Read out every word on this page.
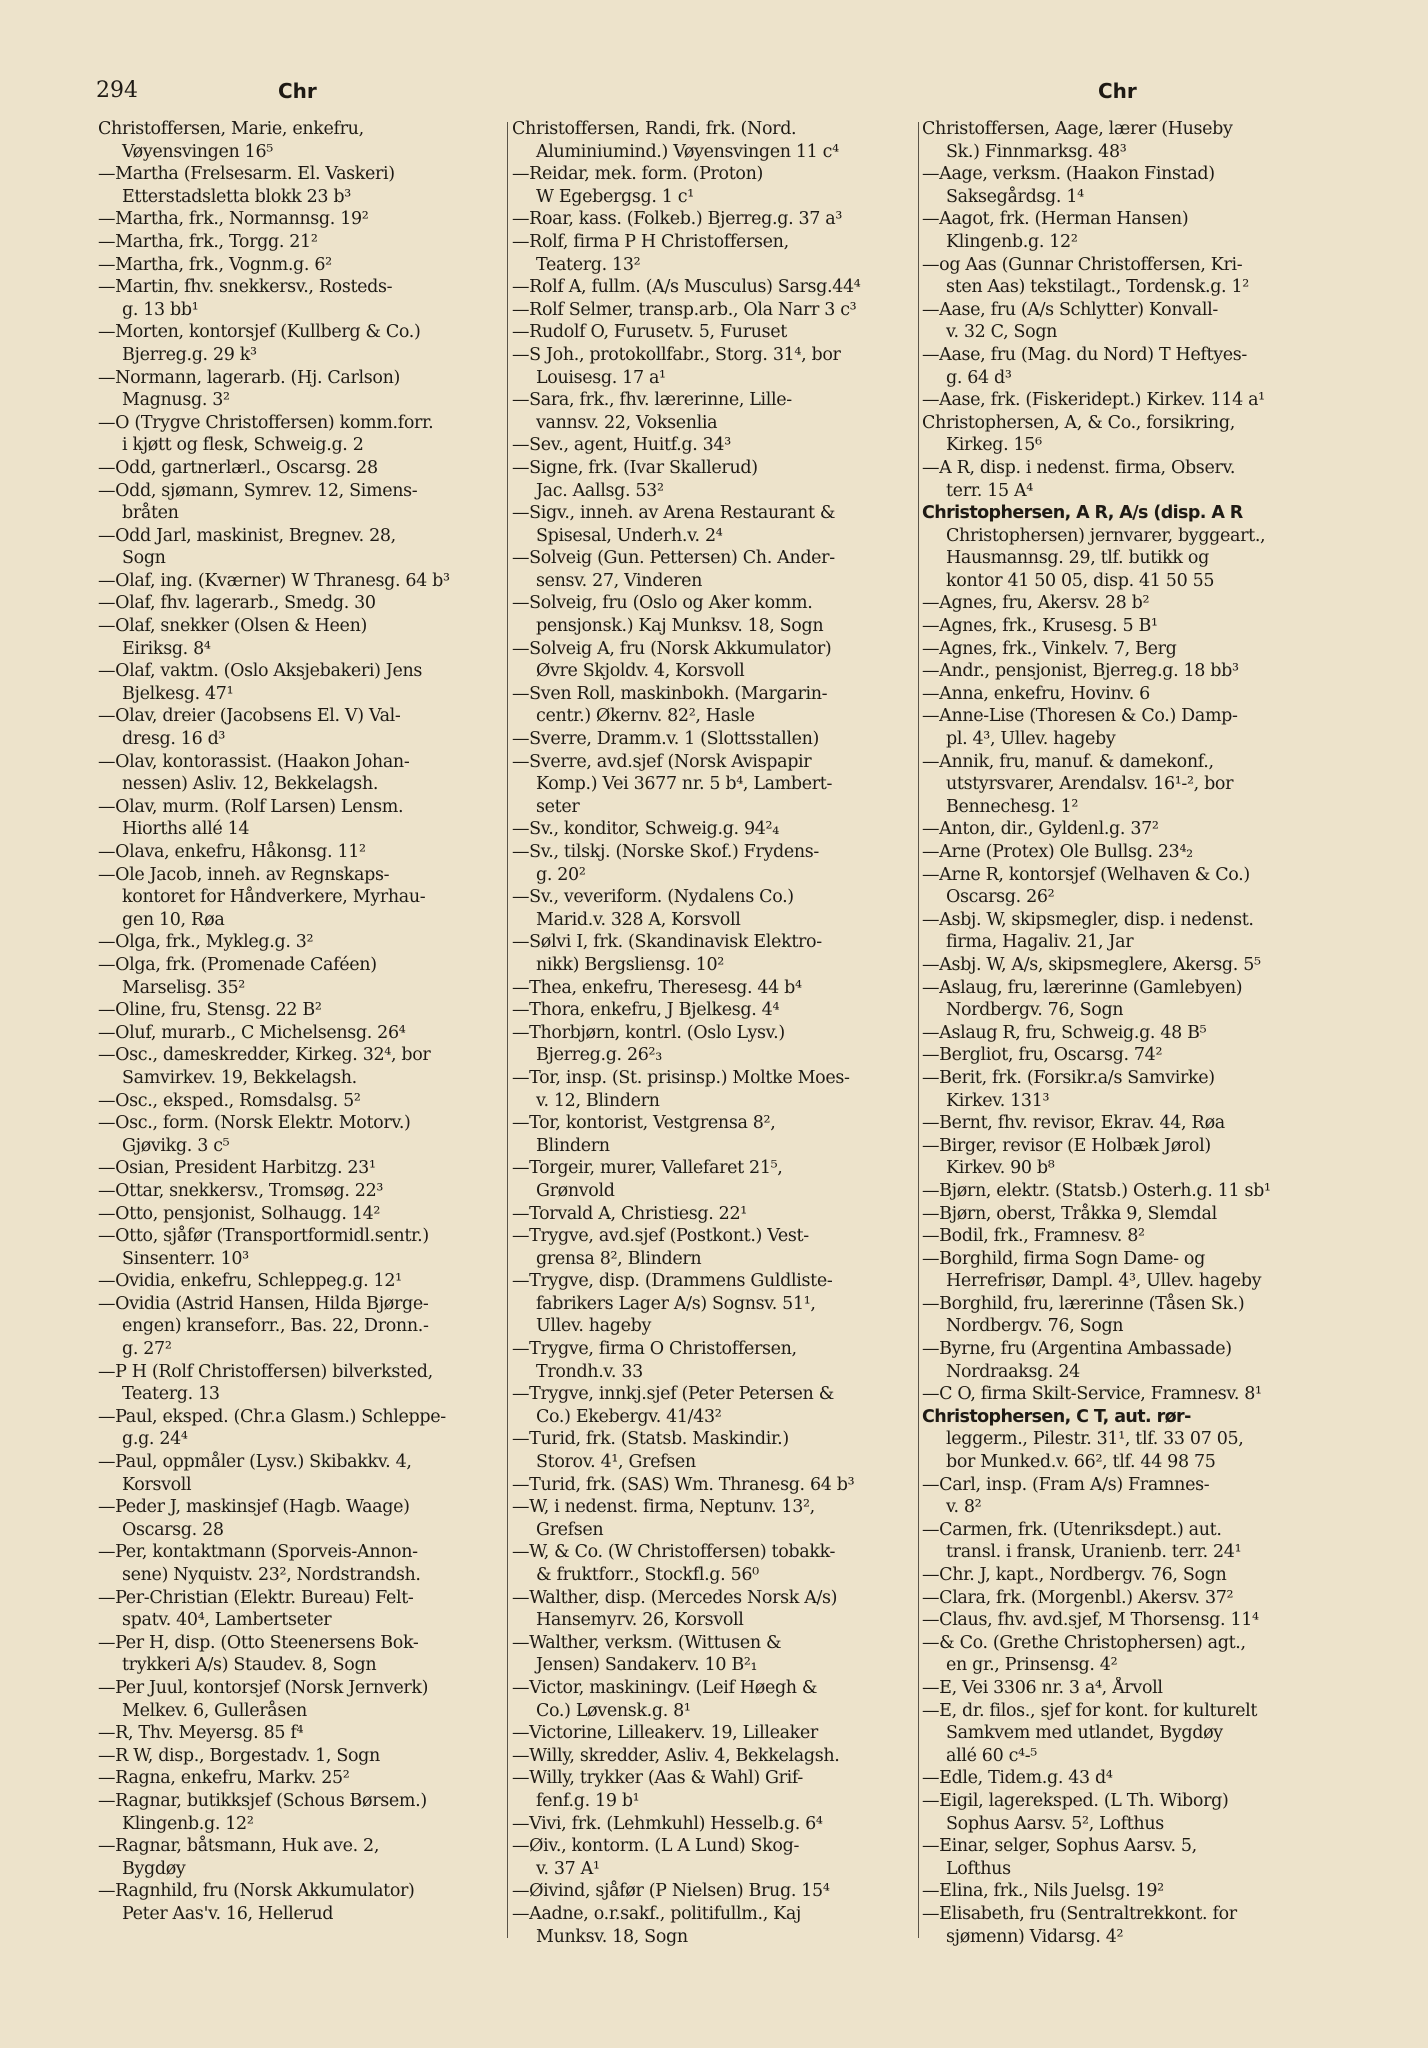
294	Chr	Chr
Christoffersen, Marie, enkefru,
Vøyensvingen 16⁵
—Martha (Frelsesarm. El. Vaskeri)
Etterstadsletta blokk 23 b³
—Martha, frk., Normannsg. 19²
—Martha, frk., Torgg. 21²
—Martha, frk., Vognm.g. 6²
—Martin, fhv. snekkersv., Rosteds-
g. 13 bb¹
—Morten, kontorsjef (Kullberg & Co.)
Bjerreg.g. 29 k³
—Normann, lagerarb. (Hj. Carlson)
Magnusg. 3²
—O (Trygve Christoffersen) komm.forr.
i kjøtt og flesk, Schweig.g. 2
—Odd, gartnerlærl., Oscarsg. 28
—Odd, sjømann, Symrev. 12, Simens-
bråten
—Odd Jarl, maskinist, Bregnev. 28,
Sogn
—Olaf, ing. (Kværner) W Thranesg. 64 b³
—Olaf, fhv. lagerarb., Smedg. 30
—Olaf, snekker (Olsen & Heen)
Eiriksg. 8⁴
—Olaf, vaktm. (Oslo Aksjebakeri) Jens
Bjelkesg. 47¹
—Olav, dreier (Jacobsens El. V) Val-
dresg. 16 d³
—Olav, kontorassist. (Haakon Johan-
nessen) Asliv. 12, Bekkelagsh.
—Olav, murm. (Rolf Larsen) Lensm.
Hiorths allé 14
—Olava, enkefru, Håkonsg. 11²
—Ole Jacob, inneh. av Regnskaps-
kontoret for Håndverkere, Myrhau-
gen 10, Røa
—Olga, frk., Mykleg.g. 3²
—Olga, frk. (Promenade Caféen)
Marselisg. 35²
—Oline, fru, Stensg. 22 B²
—Oluf, murarb., C Michelsensg. 26⁴
—Osc., dameskredder, Kirkeg. 32⁴, bor
Samvirkev. 19, Bekkelagsh.
—Osc., eksped., Romsdalsg. 5²
—Osc., form. (Norsk Elektr. Motorv.)
Gjøvikg. 3 c⁵
—Osian, President Harbitzg. 23¹
—Ottar, snekkersv., Tromsøg. 22³
—Otto, pensjonist, Solhaugg. 14²
—Otto, sjåfør (Transportformidl.sentr.)
Sinsenterr. 10³
—Ovidia, enkefru, Schleppeg.g. 12¹
—Ovidia (Astrid Hansen, Hilda Bjørge-
engen) kranseforr., Bas. 22, Dronn.-
g. 27²
—P H (Rolf Christoffersen) bilverksted,
Teaterg. 13
—Paul, eksped. (Chr.a Glasm.) Schleppe-
g.g. 24⁴
—Paul, oppmåler (Lysv.) Skibakkv. 4,
Korsvoll
—Peder J, maskinsjef (Hagb. Waage)
Oscarsg. 28
—Per, kontaktmann (Sporveis-Annon-
sene) Nyquistv. 23², Nordstrandsh.
—Per-Christian (Elektr. Bureau) Felt-
spatv. 40⁴, Lambertseter
—Per H, disp. (Otto Steenersens Bok-
trykkeri A/s) Staudev. 8, Sogn
—Per Juul, kontorsjef (Norsk Jernverk)
Melkev. 6, Gulleråsen
—R, Thv. Meyersg. 85 f⁴
—R W, disp., Borgestadv. 1, Sogn
—Ragna, enkefru, Markv. 25²
—Ragnar, butikksjef (Schous Børsem.)
Klingenb.g. 12²
—Ragnar, båtsmann, Huk ave. 2,
Bygdøy
—Ragnhild, fru (Norsk Akkumulator)
Peter Aas'v. 16, Hellerud
Christoffersen, Randi, frk. (Nord.
Aluminiumind.) Vøyensvingen 11 c⁴
—Reidar, mek. form. (Proton)
W Egebergsg. 1 c¹
—Roar, kass. (Folkeb.) Bjerreg.g. 37 a³
—Rolf, firma P H Christoffersen,
Teaterg. 13²
—Rolf A, fullm. (A/s Musculus) Sarsg.44⁴
—Rolf Selmer, transp.arb., Ola Narr 3 c³
—Rudolf O, Furusetv. 5, Furuset
—S Joh., protokollfabr., Storg. 31⁴, bor
Louisesg. 17 a¹
—Sara, frk., fhv. lærerinne, Lille-
vannsv. 22, Voksenlia
—Sev., agent, Huitf.g. 34³
—Signe, frk. (Ivar Skallerud)
Jac. Aallsg. 53²
—Sigv., inneh. av Arena Restaurant &
Spisesal, Underh.v. 2⁴
—Solveig (Gun. Pettersen) Ch. Ander-
sensv. 27, Vinderen
—Solveig, fru (Oslo og Aker komm.
pensjonsk.) Kaj Munksv. 18, Sogn
—Solveig A, fru (Norsk Akkumulator)
Øvre Skjoldv. 4, Korsvoll
—Sven Roll, maskinbokh. (Margarin-
centr.) Økernv. 82², Hasle
—Sverre, Dramm.v. 1 (Slottsstallen)
—Sverre, avd.sjef (Norsk Avispapir
Komp.) Vei 3677 nr. 5 b⁴, Lambert-
seter
—Sv., konditor, Schweig.g. 94²₄
—Sv., tilskj. (Norske Skof.) Frydens-
g. 20²
—Sv., veveriform. (Nydalens Co.)
Marid.v. 328 A, Korsvoll
—Sølvi I, frk. (Skandinavisk Elektro-
nikk) Bergsliensg. 10²
—Thea, enkefru, Theresesg. 44 b⁴
—Thora, enkefru, J Bjelkesg. 4⁴
—Thorbjørn, kontrl. (Oslo Lysv.)
Bjerreg.g. 26²₃
—Tor, insp. (St. prisinsp.) Moltke Moes-
v. 12, Blindern
—Tor, kontorist, Vestgrensa 8²,
Blindern
—Torgeir, murer, Vallefaret 21⁵,
Grønvold
—Torvald A, Christiesg. 22¹
—Trygve, avd.sjef (Postkont.) Vest-
grensa 8², Blindern
—Trygve, disp. (Drammens Guldliste-
fabrikers Lager A/s) Sognsv. 51¹,
Ullev. hageby
—Trygve, firma O Christoffersen,
Trondh.v. 33
—Trygve, innkj.sjef (Peter Petersen &
Co.) Ekebergv. 41/43²
—Turid, frk. (Statsb. Maskindir.)
Storov. 4¹, Grefsen
—Turid, frk. (SAS) Wm. Thranesg. 64 b³
—W, i nedenst. firma, Neptunv. 13²,
Grefsen
—W, & Co. (W Christoffersen) tobakk-
& fruktforr., Stockfl.g. 56⁰
—Walther, disp. (Mercedes Norsk A/s)
Hansemyrv. 26, Korsvoll
—Walther, verksm. (Wittusen &
Jensen) Sandakerv. 10 B²₁
—Victor, maskiningv. (Leif Høegh &
Co.) Løvensk.g. 8¹
—Victorine, Lilleakerv. 19, Lilleaker
—Willy, skredder, Asliv. 4, Bekkelagsh.
—Willy, trykker (Aas & Wahl) Grif-
fenf.g. 19 b¹
—Vivi, frk. (Lehmkuhl) Hesselb.g. 6⁴
—Øiv., kontorm. (L A Lund) Skog-
v. 37 A¹
—Øivind, sjåfør (P Nielsen) Brug. 15⁴
—Aadne, o.r.sakf., politifullm., Kaj
Munksv. 18, Sogn
Christoffersen, Aage, lærer (Huseby
Sk.) Finnmarksg. 48³
—Aage, verksm. (Haakon Finstad)
Saksegårdsg. 1⁴
—Aagot, frk. (Herman Hansen)
Klingenb.g. 12²
—og Aas (Gunnar Christoffersen, Kri-
sten Aas) tekstilagt., Tordensk.g. 1²
—Aase, fru (A/s Schlytter) Konvall-
v. 32 C, Sogn
—Aase, fru (Mag. du Nord) T Heftyes-
g. 64 d³
—Aase, frk. (Fiskeridept.) Kirkev. 114 a¹
Christophersen, A, & Co., forsikring,
Kirkeg. 15⁶
—A R, disp. i nedenst. firma, Observ.
terr. 15 A⁴
Christophersen, A R, A/s (disp. A R
Christophersen) jernvarer, byggeart.,
Hausmannsg. 29, tlf. butikk og
kontor 41 50 05, disp. 41 50 55
—Agnes, fru, Akersv. 28 b²
—Agnes, frk., Krusesg. 5 B¹
—Agnes, frk., Vinkelv. 7, Berg
—Andr., pensjonist, Bjerreg.g. 18 bb³
—Anna, enkefru, Hovinv. 6
—Anne-Lise (Thoresen & Co.) Damp-
pl. 4³, Ullev. hageby
—Annik, fru, manuf. & damekonf.,
utstyrsvarer, Arendalsv. 16¹-², bor
Bennechesg. 1²
—Anton, dir., Gyldenl.g. 37²
—Arne (Protex) Ole Bullsg. 23⁴₂
—Arne R, kontorsjef (Welhaven & Co.)
Oscarsg. 26²
—Asbj. W, skipsmegler, disp. i nedenst.
firma, Hagaliv. 21, Jar
—Asbj. W, A/s, skipsmeglere, Akersg. 5⁵
—Aslaug, fru, lærerinne (Gamlebyen)
Nordbergv. 76, Sogn
—Aslaug R, fru, Schweig.g. 48 B⁵
—Bergliot, fru, Oscarsg. 74²
—Berit, frk. (Forsikr.a/s Samvirke)
Kirkev. 131³
—Bernt, fhv. revisor, Ekrav. 44, Røa
—Birger, revisor (E Holbæk Jørol)
Kirkev. 90 b⁸
—Bjørn, elektr. (Statsb.) Osterh.g. 11 sb¹
—Bjørn, oberst, Tråkka 9, Slemdal
—Bodil, frk., Framnesv. 8²
—Borghild, firma Sogn Dame- og
Herrefrisør, Dampl. 4³, Ullev. hageby
—Borghild, fru, lærerinne (Tåsen Sk.)
Nordbergv. 76, Sogn
—Byrne, fru (Argentina Ambassade)
Nordraaksg. 24
—C O, firma Skilt-Service, Framnesv. 8¹
Christophersen, C T, aut. rør-
leggerm., Pilestr. 31¹, tlf. 33 07 05,
bor Munked.v. 66², tlf. 44 98 75
—Carl, insp. (Fram A/s) Framnes-
v. 8²
—Carmen, frk. (Utenriksdept.) aut.
transl. i fransk, Uranienb. terr. 24¹
—Chr. J, kapt., Nordbergv. 76, Sogn
—Clara, frk. (Morgenbl.) Akersv. 37²
—Claus, fhv. avd.sjef, M Thorsensg. 11⁴
—& Co. (Grethe Christophersen) agt.,
en gr., Prinsensg. 4²
—E, Vei 3306 nr. 3 a⁴, Årvoll
—E, dr. filos., sjef for kont. for kulturelt
Samkvem med utlandet, Bygdøy
allé 60 c⁴-⁵
—Edle, Tidem.g. 43 d⁴
—Eigil, lagereksped. (L Th. Wiborg)
Sophus Aarsv. 5², Lofthus
—Einar, selger, Sophus Aarsv. 5,
Lofthus
—Elina, frk., Nils Juelsg. 19²
—Elisabeth, fru (Sentraltrekkont. for
sjømenn) Vidarsg. 4²
